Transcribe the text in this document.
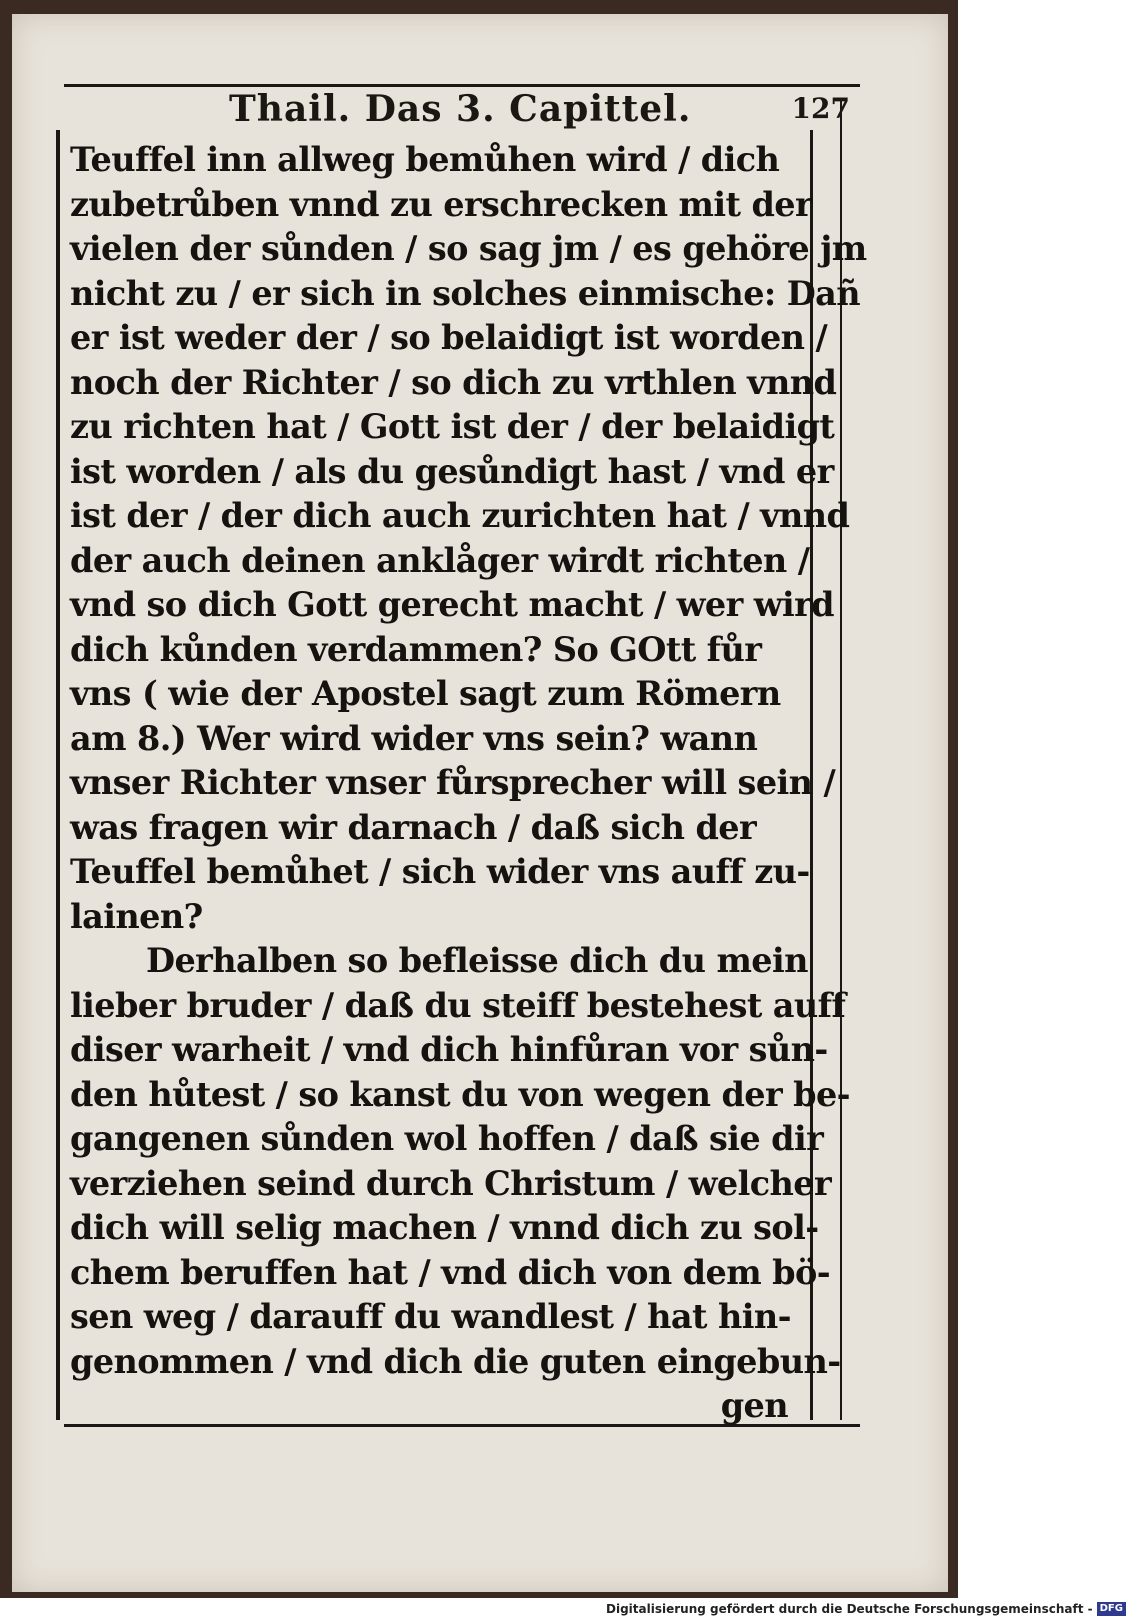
Thail. Das 3. Capittel.	127
Teuffel inn allweg bemůhen wird / dich
zubetrůben vnnd zu erschrecken mit der
vielen der sůnden / so sag jm / es gehöre jm
nicht zu / er sich in solches einmische: Dañ
er ist weder der / so belaidigt ist worden /
noch der Richter / so dich zu vrthlen vnnd
zu richten hat / Gott ist der / der belaidigt
ist worden / als du gesůndigt hast / vnd er
ist der / der dich auch zurichten hat / vnnd
der auch deinen anklåger wirdt richten /
vnd so dich Gott gerecht macht / wer wird
dich kůnden verdammen? So GOtt fůr
vns ( wie der Apostel sagt zum Römern
am 8.) Wer wird wider vns sein? wann
vnser Richter vnser fůrsprecher will sein /
was fragen wir darnach / daß sich der
Teuffel bemůhet / sich wider vns auff zu-
lainen?
Derhalben so befleisse dich du mein
lieber bruder / daß du steiff bestehest auff
diser warheit / vnd dich hinfůran vor sůn-
den hůtest / so kanst du von wegen der be-
gangenen sůnden wol hoffen / daß sie dir
verziehen seind durch Christum / welcher
dich will selig machen / vnnd dich zu sol-
chem beruffen hat / vnd dich von dem bö-
sen weg / darauff du wandlest / hat hin-
genommen / vnd dich die guten eingebun-
gen
Digitalisierung gefördert durch die Deutsche Forschungsgemeinschaft - DFG
